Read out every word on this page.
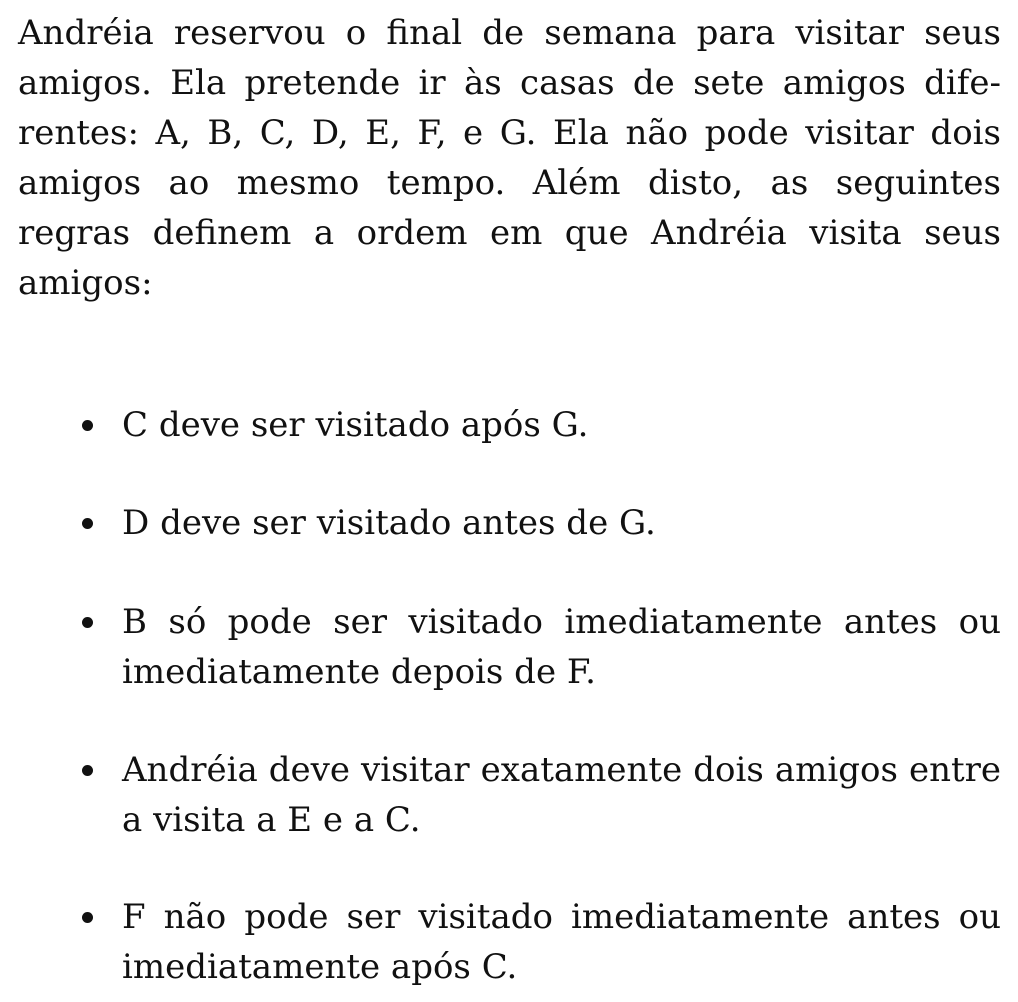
Andréia reservou o final de semana para visitar seus amigos. Ela pretende ir às casas de sete amigos diferentes: A, B, C, D, E, F, e G. Ela não pode visitar dois amigos ao mesmo tempo. Além disto, as seguintes regras definem a ordem em que Andréia visita seus amigos:

C deve ser visitado após G.
D deve ser visitado antes de G.
B só pode ser visitado imediatamente antes ou imediatamente depois de F.
Andréia deve visitar exatamente dois amigos entre a visita a E e a C.
F não pode ser visitado imediatamente antes ou imediatamente após C.
